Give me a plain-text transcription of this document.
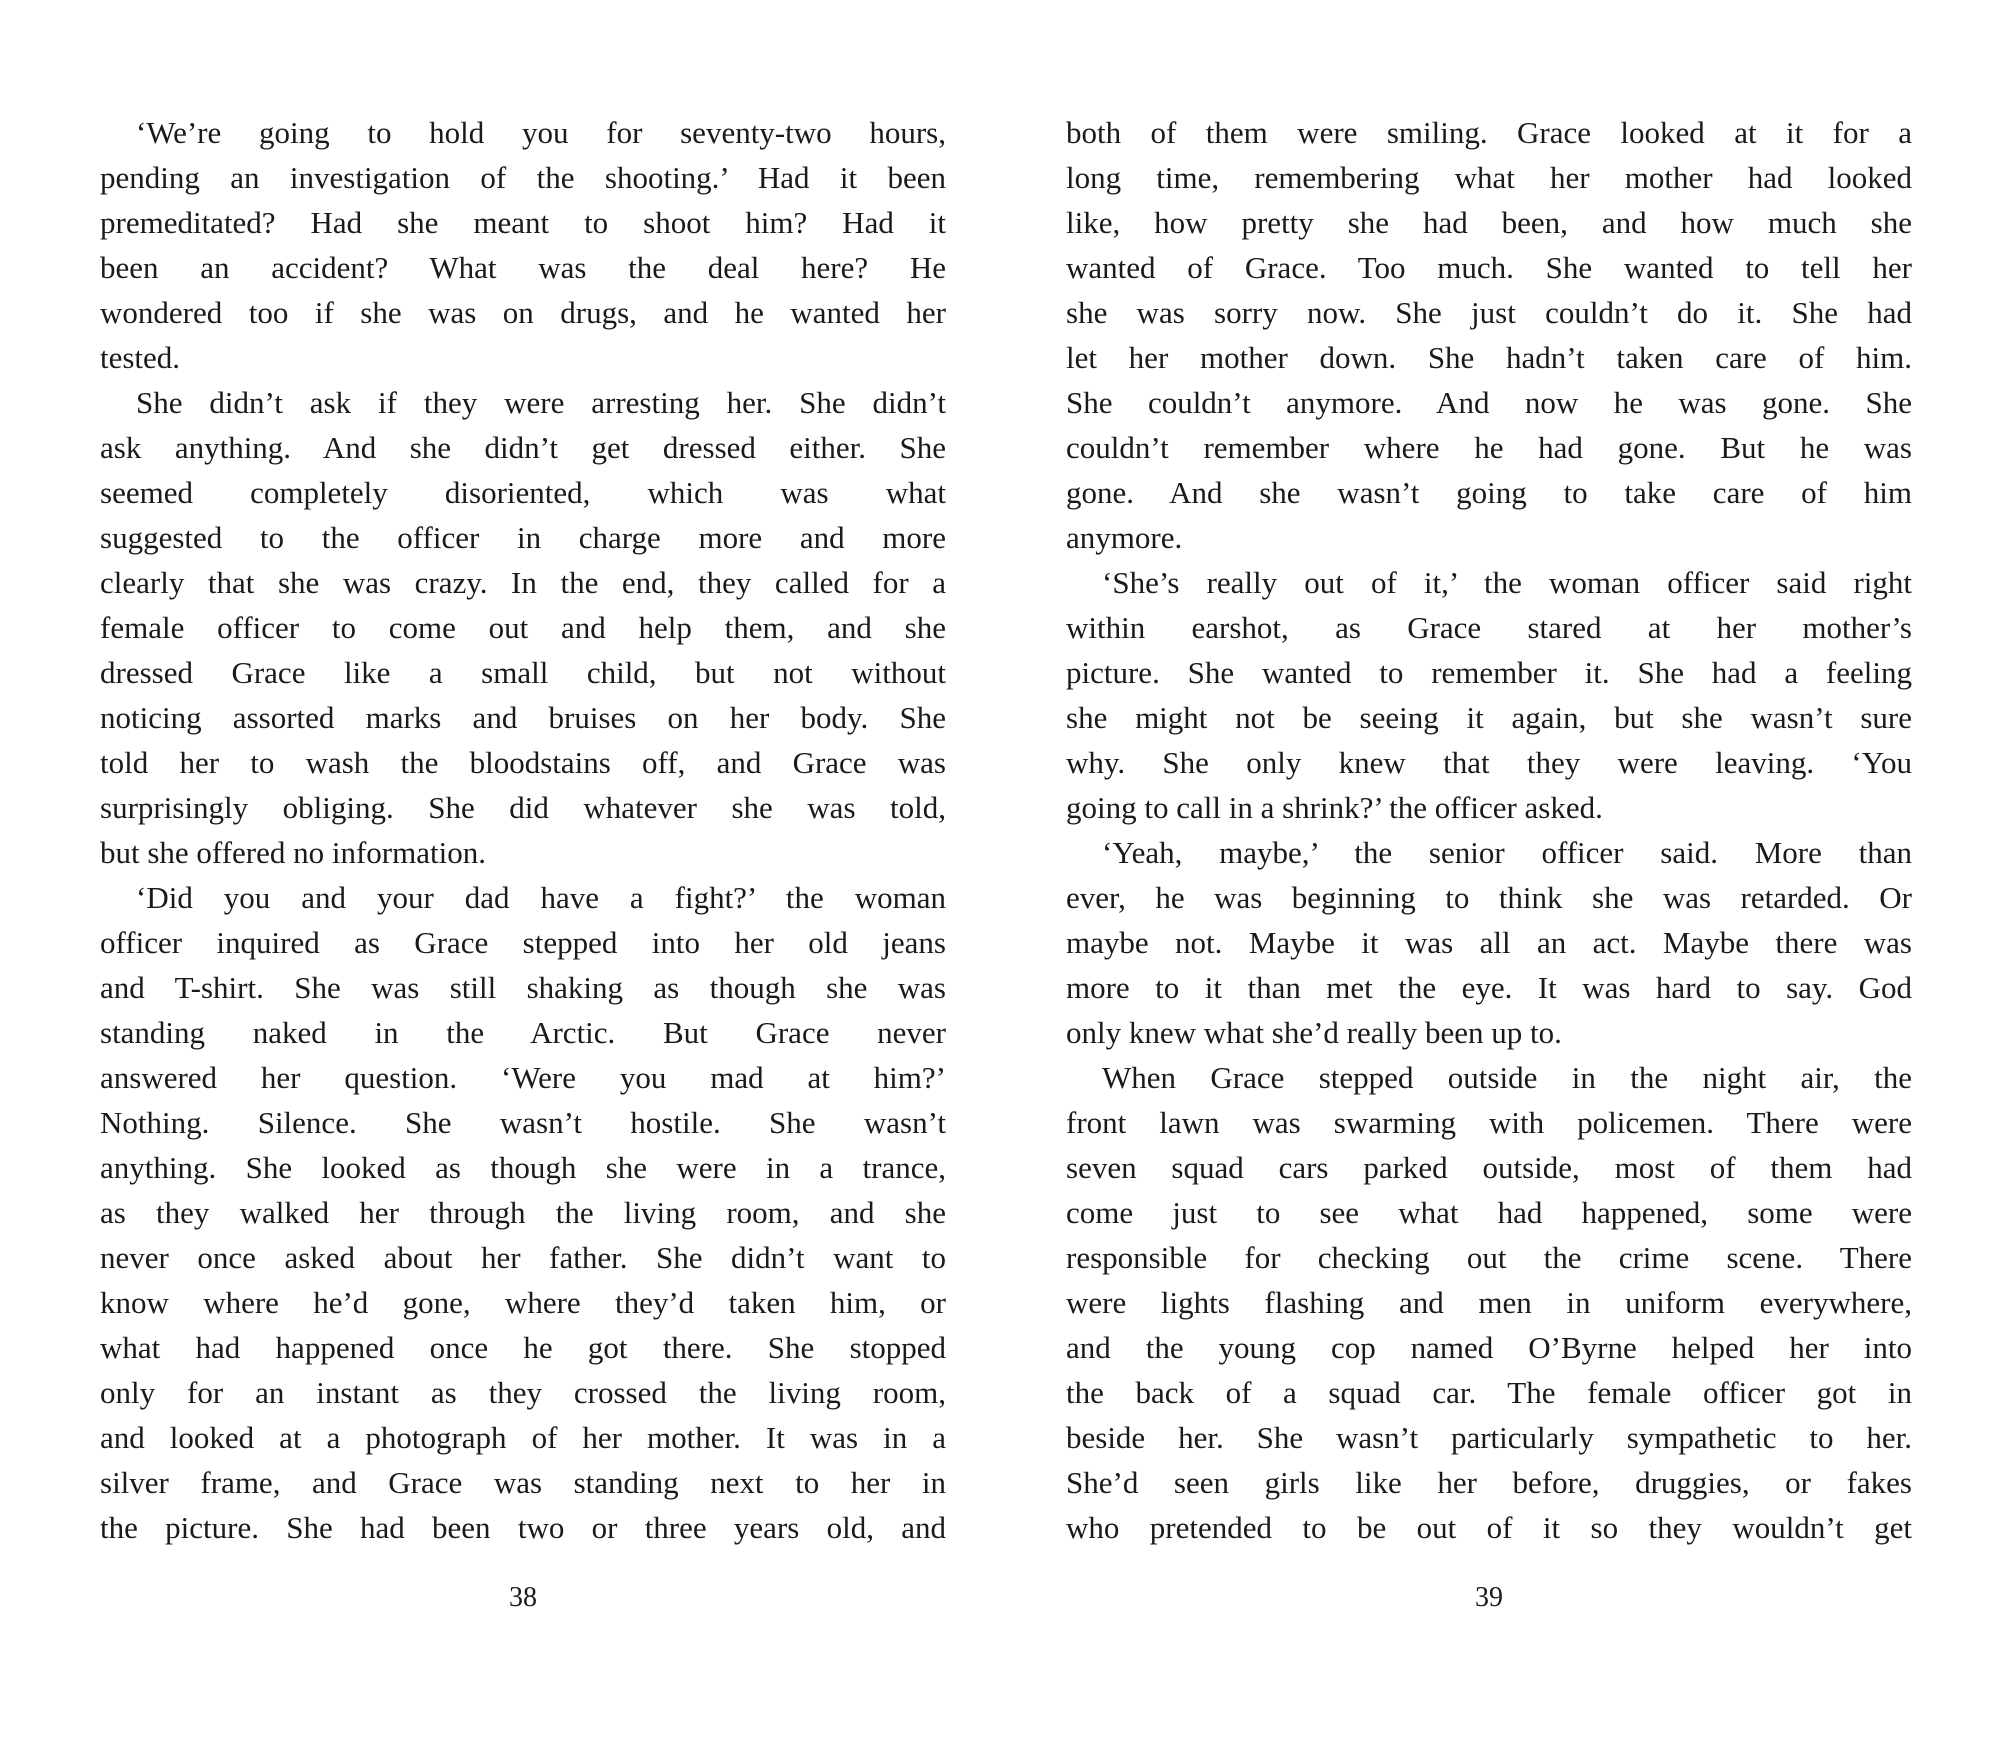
‘We’re going to hold you for seventy-two hours,
pending an investigation of the shooting.’ Had it been
premeditated? Had she meant to shoot him? Had it
been an accident? What was the deal here? He
wondered too if she was on drugs, and he wanted her
tested.
She didn’t ask if they were arresting her. She didn’t
ask anything. And she didn’t get dressed either. She
seemed completely disoriented, which was what
suggested to the officer in charge more and more
clearly that she was crazy. In the end, they called for a
female officer to come out and help them, and she
dressed Grace like a small child, but not without
noticing assorted marks and bruises on her body. She
told her to wash the bloodstains off, and Grace was
surprisingly obliging. She did whatever she was told,
but she offered no information.
‘Did you and your dad have a fight?’ the woman
officer inquired as Grace stepped into her old jeans
and T-shirt. She was still shaking as though she was
standing naked in the Arctic. But Grace never
answered her question. ‘Were you mad at him?’
Nothing. Silence. She wasn’t hostile. She wasn’t
anything. She looked as though she were in a trance,
as they walked her through the living room, and she
never once asked about her father. She didn’t want to
know where he’d gone, where they’d taken him, or
what had happened once he got there. She stopped
only for an instant as they crossed the living room,
and looked at a photograph of her mother. It was in a
silver frame, and Grace was standing next to her in
the picture. She had been two or three years old, and
38
both of them were smiling. Grace looked at it for a
long time, remembering what her mother had looked
like, how pretty she had been, and how much she
wanted of Grace. Too much. She wanted to tell her
she was sorry now. She just couldn’t do it. She had
let her mother down. She hadn’t taken care of him.
She couldn’t anymore. And now he was gone. She
couldn’t remember where he had gone. But he was
gone. And she wasn’t going to take care of him
anymore.
‘She’s really out of it,’ the woman officer said right
within earshot, as Grace stared at her mother’s
picture. She wanted to remember it. She had a feeling
she might not be seeing it again, but she wasn’t sure
why. She only knew that they were leaving. ‘You
going to call in a shrink?’ the officer asked.
‘Yeah, maybe,’ the senior officer said. More than
ever, he was beginning to think she was retarded. Or
maybe not. Maybe it was all an act. Maybe there was
more to it than met the eye. It was hard to say. God
only knew what she’d really been up to.
When Grace stepped outside in the night air, the
front lawn was swarming with policemen. There were
seven squad cars parked outside, most of them had
come just to see what had happened, some were
responsible for checking out the crime scene. There
were lights flashing and men in uniform everywhere,
and the young cop named O’Byrne helped her into
the back of a squad car. The female officer got in
beside her. She wasn’t particularly sympathetic to her.
She’d seen girls like her before, druggies, or fakes
who pretended to be out of it so they wouldn’t get
39
